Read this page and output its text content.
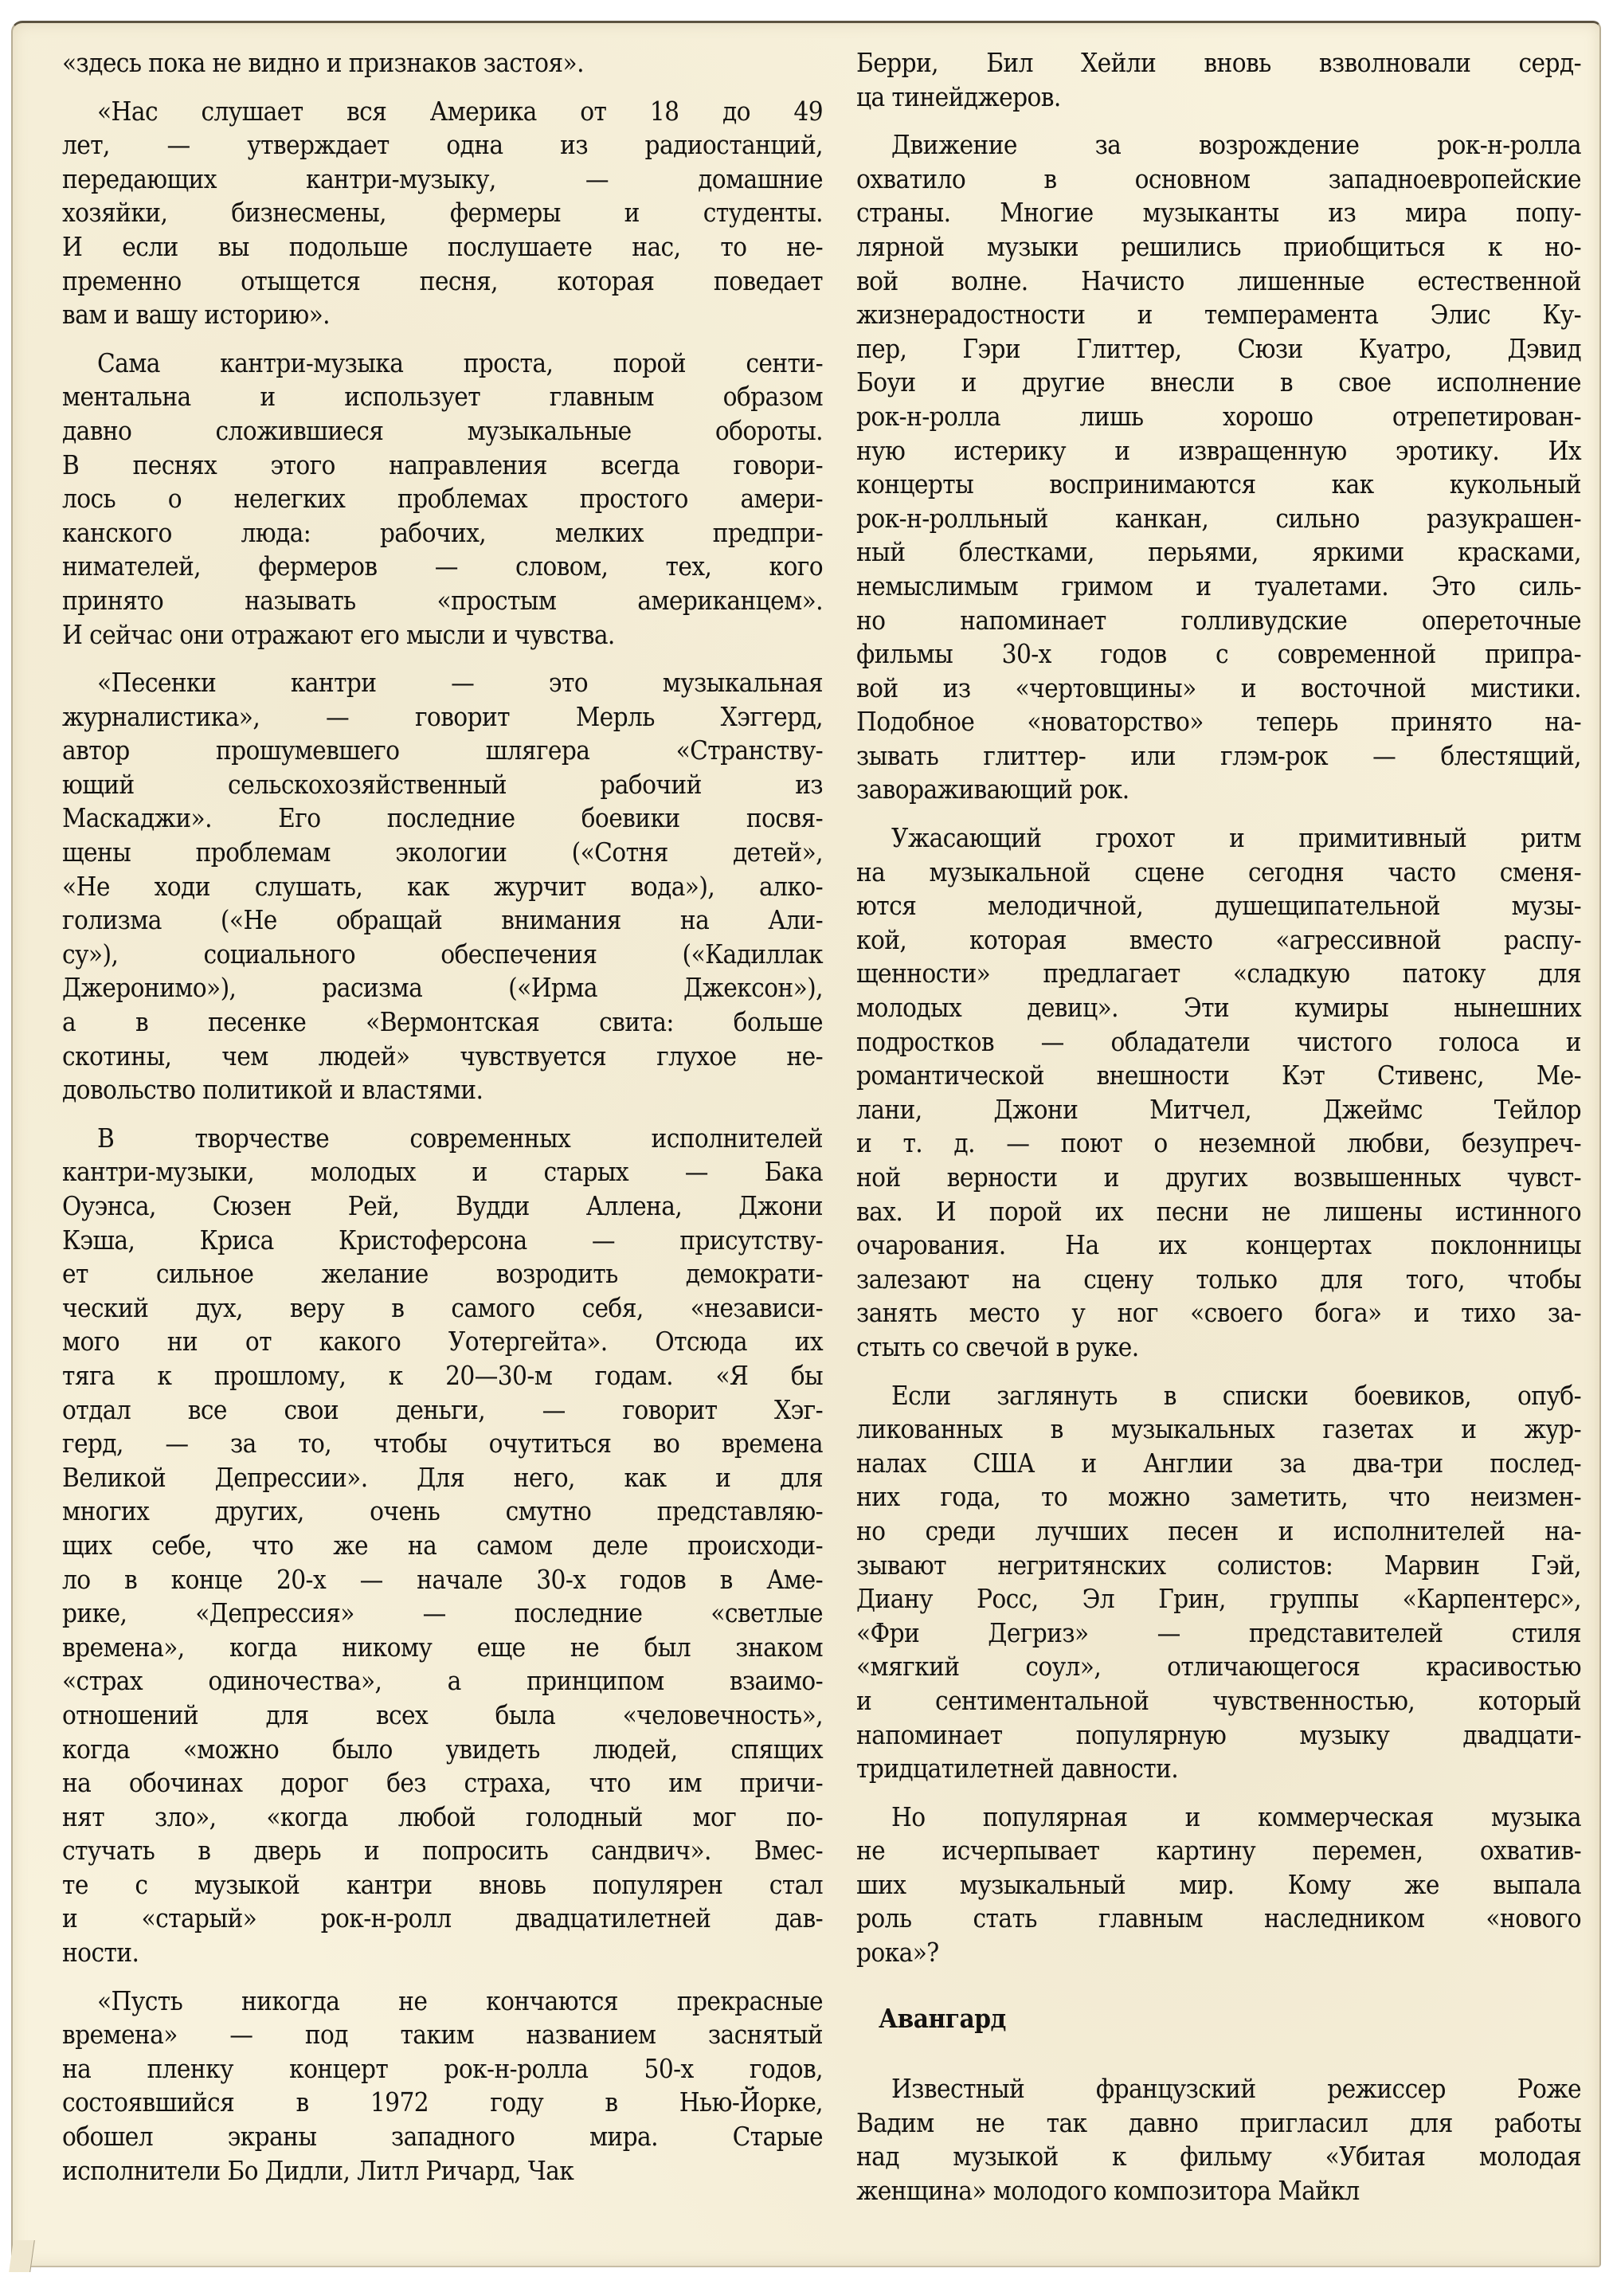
«здесь пока не видно и признаков застоя».
«Нас слушает вся Америка от 18 до 49
лет, — утверждает одна из радиостанций,
передающих кантри-музыку, — домашние
хозяйки, бизнесмены, фермеры и студенты.
И если вы подольше послушаете нас, то не-
пременно отыщется песня, которая поведает
вам и вашу историю».
Сама кантри-музыка проста, порой сенти-
ментальна и использует главным образом
давно сложившиеся музыкальные обороты.
В песнях этого направления всегда говори-
лось о нелегких проблемах простого амери-
канского люда: рабочих, мелких предпри-
нимателей, фермеров — словом, тех, кого
принято называть «простым американцем».
И сейчас они отражают его мысли и чувства.
«Песенки кантри — это музыкальная
журналистика», — говорит Мерль Хэггерд,
автор прошумевшего шлягера «Странству-
ющий сельскохозяйственный рабочий из
Маскаджи». Его последние боевики посвя-
щены проблемам экологии («Сотня детей»,
«Не ходи слушать, как журчит вода»), алко-
голизма («Не обращай внимания на Али-
су»), социального обеспечения («Кадиллак
Джеронимо»), расизма («Ирма Джексон»),
а в песенке «Вермонтская свита: больше
скотины, чем людей» чувствуется глухое не-
довольство политикой и властями.
В творчестве современных исполнителей
кантри-музыки, молодых и старых — Бака
Оуэнса, Сюзен Рей, Вудди Аллена, Джони
Кэша, Криса Кристоферсона — присутству-
ет сильное желание возродить демократи-
ческий дух, веру в самого себя, «независи-
мого ни от какого Уотергейта». Отсюда их
тяга к прошлому, к 20—30-м годам. «Я бы
отдал все свои деньги, — говорит Хэг-
герд, — за то, чтобы очутиться во времена
Великой Депрессии». Для него, как и для
многих других, очень смутно представляю-
щих себе, что же на самом деле происходи-
ло в конце 20-х — начале 30-х годов в Аме-
рике, «Депрессия» — последние «светлые
времена», когда никому еще не был знаком
«страх одиночества», а принципом взаимо-
отношений для всех была «человечность»,
когда «можно было увидеть людей, спящих
на обочинах дорог без страха, что им причи-
нят зло», «когда любой голодный мог по-
стучать в дверь и попросить сандвич». Вмес-
те с музыкой кантри вновь популярен стал
и «старый» рок-н-ролл двадцатилетней дав-
ности.
«Пусть никогда не кончаются прекрасные
времена» — под таким названием заснятый
на пленку концерт рок-н-ролла 50-х годов,
состоявшийся в 1972 году в Нью-Йорке,
обошел экраны западного мира. Старые
исполнители Бо Дидли, Литл Ричард, Чак
Берри, Бил Хейли вновь взволновали серд-
ца тинейджеров.
Движение за возрождение рок-н-ролла
охватило в основном западноевропейские
страны. Многие музыканты из мира попу-
лярной музыки решились приобщиться к но-
вой волне. Начисто лишенные естественной
жизнерадостности и темперамента Элис Ку-
пер, Гэри Глиттер, Сюзи Куатро, Дэвид
Боуи и другие внесли в свое исполнение
рок-н-ролла лишь хорошо отрепетирован-
ную истерику и извращенную эротику. Их
концерты воспринимаются как кукольный
рок-н-ролльный канкан, сильно разукрашен-
ный блестками, перьями, яркими красками,
немыслимым гримом и туалетами. Это силь-
но напоминает голливудские опереточные
фильмы 30-х годов с современной припра-
вой из «чертовщины» и восточной мистики.
Подобное «новаторство» теперь принято на-
зывать глиттер- или глэм-рок — блестящий,
завораживающий рок.
Ужасающий грохот и примитивный ритм
на музыкальной сцене сегодня часто сменя-
ются мелодичной, душещипательной музы-
кой, которая вместо «агрессивной распу-
щенности» предлагает «сладкую патоку для
молодых девиц». Эти кумиры нынешних
подростков — обладатели чистого голоса и
романтической внешности Кэт Стивенс, Ме-
лани, Джони Митчел, Джеймс Тейлор
и т. д. — поют о неземной любви, безупреч-
ной верности и других возвышенных чувст-
вах. И порой их песни не лишены истинного
очарования. На их концертах поклонницы
залезают на сцену только для того, чтобы
занять место у ног «своего бога» и тихо за-
стыть со свечой в руке.
Если заглянуть в списки боевиков, опуб-
ликованных в музыкальных газетах и жур-
налах США и Англии за два-три послед-
них года, то можно заметить, что неизмен-
но среди лучших песен и исполнителей на-
зывают негритянских солистов: Марвин Гэй,
Диану Росс, Эл Грин, группы «Карпентерс»,
«Фри Дегриз» — представителей стиля
«мягкий соул», отличающегося красивостью
и сентиментальной чувственностью, который
напоминает популярную музыку двадцати-
тридцатилетней давности.
Но популярная и коммерческая музыка
не исчерпывает картину перемен, охватив-
ших музыкальный мир. Кому же выпала
роль стать главным наследником «нового
рока»?
Авангард
Известный французский режиссер Роже
Вадим не так давно пригласил для работы
над музыкой к фильму «Убитая молодая
женщина» молодого композитора Майкл
